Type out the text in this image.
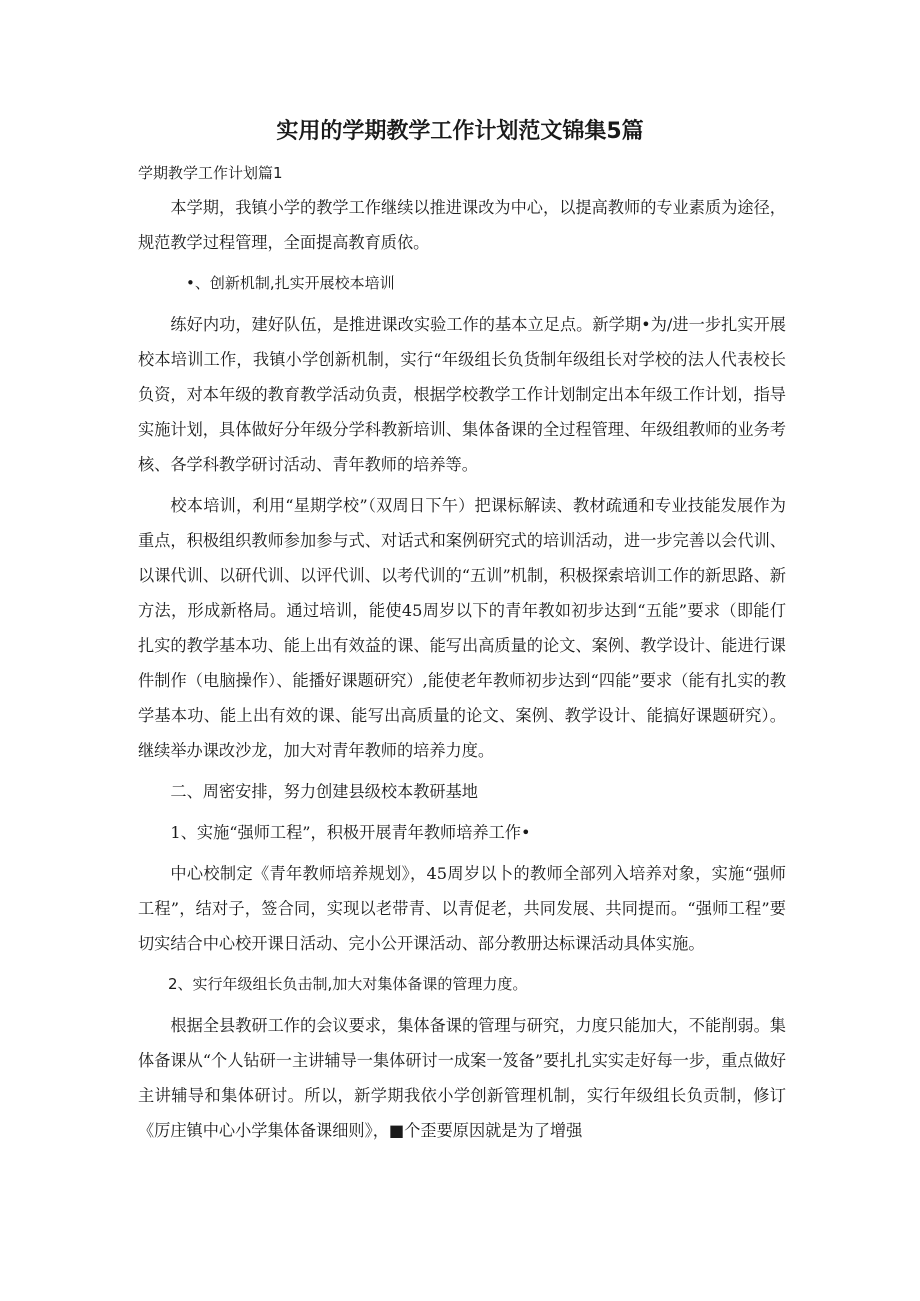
实用的学期教学工作计划范文锦集5篇

学期教学工作计划篇1

本学期，我镇小学的教学工作继续以推进课改为中心，以提高教师的专业素质为途径，规范教学过程管理，全面提高教育质依。

•、创新机制,扎实开展校本培训

练好内功，建好队伍，是推进课改实验工作的基本立足点。新学期•为/进一步扎实开展校本培训工作，我镇小学创新机制，实行“年级组长负货制年级组长对学校的法人代表校长负资，对本年级的教育教学活动负责，根据学校教学工作计划制定出本年级工作计划，指导实施计划，具体做好分年级分学科教新培训、集体备课的全过程管理、年级组教师的业务考核、各学科教学研讨活动、青年教师的培养等。

校本培训，利用“星期学校”（双周日下午）把课标解读、教材疏通和专业技能发展作为重点，积极组织教师参加参与式、对话式和案例研究式的培训活动，进一步完善以会代训、以课代训、以研代训、以评代训、以考代训的“五训”机制，积极探索培训工作的新思路、新方法，形成新格局。通过培训，能使45周岁以下的青年教如初步达到“五能”要求（即能仃扎实的教学基本功、能上出有效益的课、能写出高质量的论文、案例、教学设计、能进行课件制作（电脑操作）、能播好课题研究）,能使老年教师初步达到“四能”要求（能有扎实的教学基本功、能上出有效的课、能写出高质量的论文、案例、教学设计、能搞好课题研究）。继续举办课改沙龙，加大对青年教师的培养力度。

二、周密安排，努力创建县级校本教研基地

1、实施“强师工程”，积极开展青年教师培养工作•

中心校制定《青年教师培养规划》，45周岁以卜的教师全部列入培养对象，实施“强师工程”，结对子，签合同，实现以老带青、以青促老，共同发展、共同提而。“强师工程”要切实结合中心校开课日活动、完小公开课活动、部分教册达标课活动具体实施。

2、实行年级组长负击制,加大对集体备课的管理力度。

根据全县教研工作的会议要求，集体备课的管理与研究，力度只能加大，不能削弱。集体备课从“个人钻研一主讲辅导一集体研讨一成案一笈备”要扎扎实实走好每一步，重点做好主讲辅导和集体研讨。所以，新学期我依小学创新管理机制，实行年级组长负贡制，修订《厉庄镇中心小学集体备课细则》，■个歪要原因就是为了增强
